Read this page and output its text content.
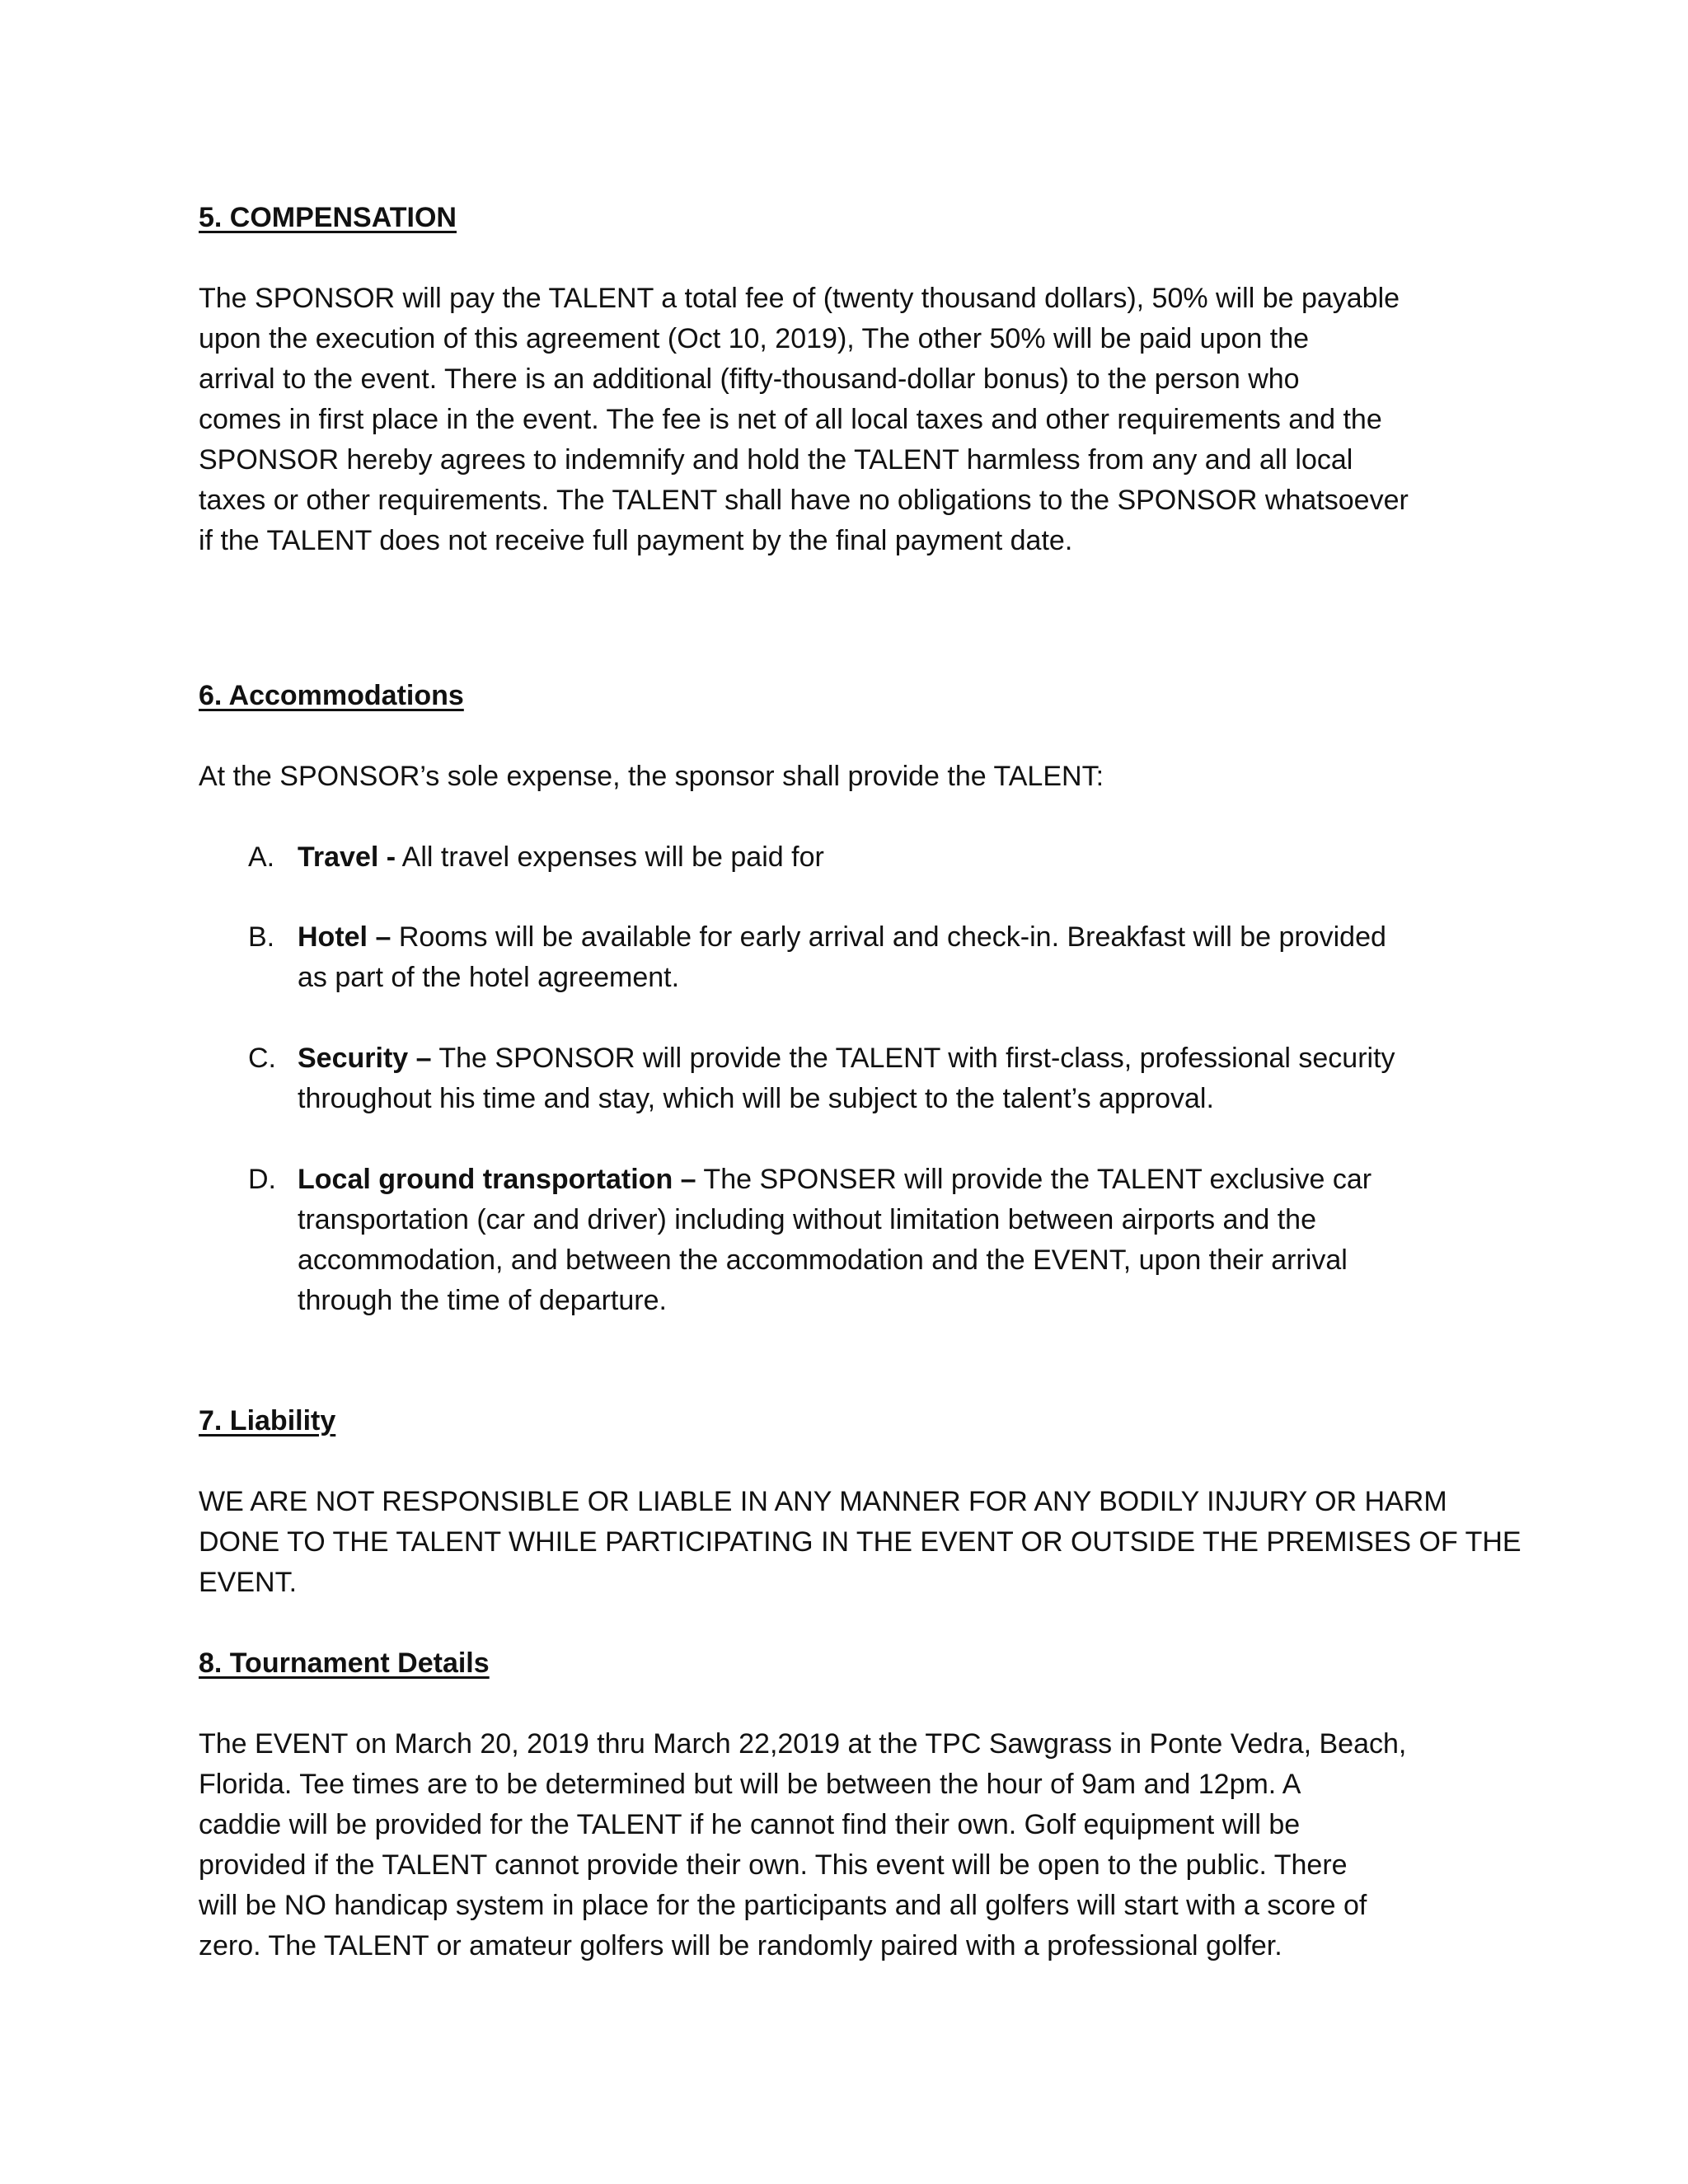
5. COMPENSATION
The SPONSOR will pay the TALENT a total fee of (twenty thousand dollars), 50% will be payable
upon the execution of this agreement (Oct 10, 2019), The other 50% will be paid upon the
arrival to the event. There is an additional (fifty-thousand-dollar bonus) to the person who
comes in first place in the event. The fee is net of all local taxes and other requirements and the
SPONSOR hereby agrees to indemnify and hold the TALENT harmless from any and all local
taxes or other requirements. The TALENT shall have no obligations to the SPONSOR whatsoever
if the TALENT does not receive full payment by the final payment date.
6. Accommodations
At the SPONSOR’s sole expense, the sponsor shall provide the TALENT:
A. Travel - All travel expenses will be paid for
B. Hotel – Rooms will be available for early arrival and check-in. Breakfast will be provided
as part of the hotel agreement.
C. Security – The SPONSOR will provide the TALENT with first-class, professional security
throughout his time and stay, which will be subject to the talent’s approval.
D. Local ground transportation – The SPONSER will provide the TALENT exclusive car
transportation (car and driver) including without limitation between airports and the
accommodation, and between the accommodation and the EVENT, upon their arrival
through the time of departure.
7. Liability
WE ARE NOT RESPONSIBLE OR LIABLE IN ANY MANNER FOR ANY BODILY INJURY OR HARM
DONE TO THE TALENT WHILE PARTICIPATING IN THE EVENT OR OUTSIDE THE PREMISES OF THE
EVENT.
8. Tournament Details
The EVENT on March 20, 2019 thru March 22,2019 at the TPC Sawgrass in Ponte Vedra, Beach,
Florida. Tee times are to be determined but will be between the hour of 9am and 12pm. A
caddie will be provided for the TALENT if he cannot find their own. Golf equipment will be
provided if the TALENT cannot provide their own. This event will be open to the public. There
will be NO handicap system in place for the participants and all golfers will start with a score of
zero. The TALENT or amateur golfers will be randomly paired with a professional golfer.
